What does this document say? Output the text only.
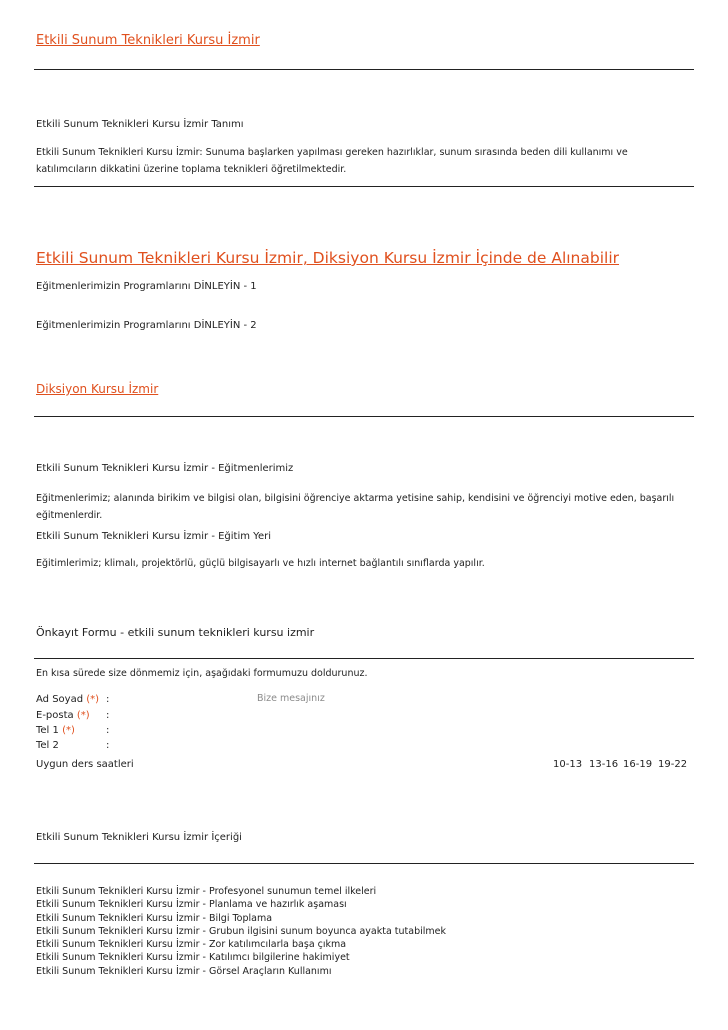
Etkili Sunum Teknikleri Kursu İzmir
Etkili Sunum Teknikleri Kursu İzmir Tanımı
Etkili Sunum Teknikleri Kursu İzmir: Sunuma başlarken yapılması gereken hazırlıklar, sunum sırasında beden dili kullanımı ve katılımcıların dikkatini üzerine toplama teknikleri öğretilmektedir.
Etkili Sunum Teknikleri Kursu İzmir, Diksiyon Kursu İzmir İçinde de Alınabilir
Eğitmenlerimizin Programlarını DİNLEYİN - 1
Eğitmenlerimizin Programlarını DİNLEYİN - 2
Diksiyon Kursu İzmir
Etkili Sunum Teknikleri Kursu İzmir - Eğitmenlerimiz
Eğitmenlerimiz; alanında birikim ve bilgisi olan, bilgisini öğrenciye aktarma yetisine sahip, kendisini ve öğrenciyi motive eden, başarılı eğitmenlerdir.
Etkili Sunum Teknikleri Kursu İzmir - Eğitim Yeri
Eğitimlerimiz; klimalı, projektörlü, güçlü bilgisayarlı ve hızlı internet bağlantılı sınıflarda yapılır.
Önkayıt Formu - etkili sunum teknikleri kursu izmir
En kısa sürede size dönmemiz için, aşağıdaki formumuzu doldurunuz.
Ad Soyad (*) :	Bize mesajınız
E-posta (*) :
Tel 1 (*)	:
Tel 2	:
Uygun ders saatleri	10-13 13-16 16-19 19-22
Etkili Sunum Teknikleri Kursu İzmir İçeriği
Etkili Sunum Teknikleri Kursu İzmir - Profesyonel sunumun temel ilkeleri
Etkili Sunum Teknikleri Kursu İzmir - Planlama ve hazırlık aşaması
Etkili Sunum Teknikleri Kursu İzmir - Bilgi Toplama
Etkili Sunum Teknikleri Kursu İzmir - Grubun ilgisini sunum boyunca ayakta tutabilmek
Etkili Sunum Teknikleri Kursu İzmir - Zor katılımcılarla başa çıkma
Etkili Sunum Teknikleri Kursu İzmir - Katılımcı bilgilerine hakimiyet
Etkili Sunum Teknikleri Kursu İzmir - Görsel Araçların Kullanımı
